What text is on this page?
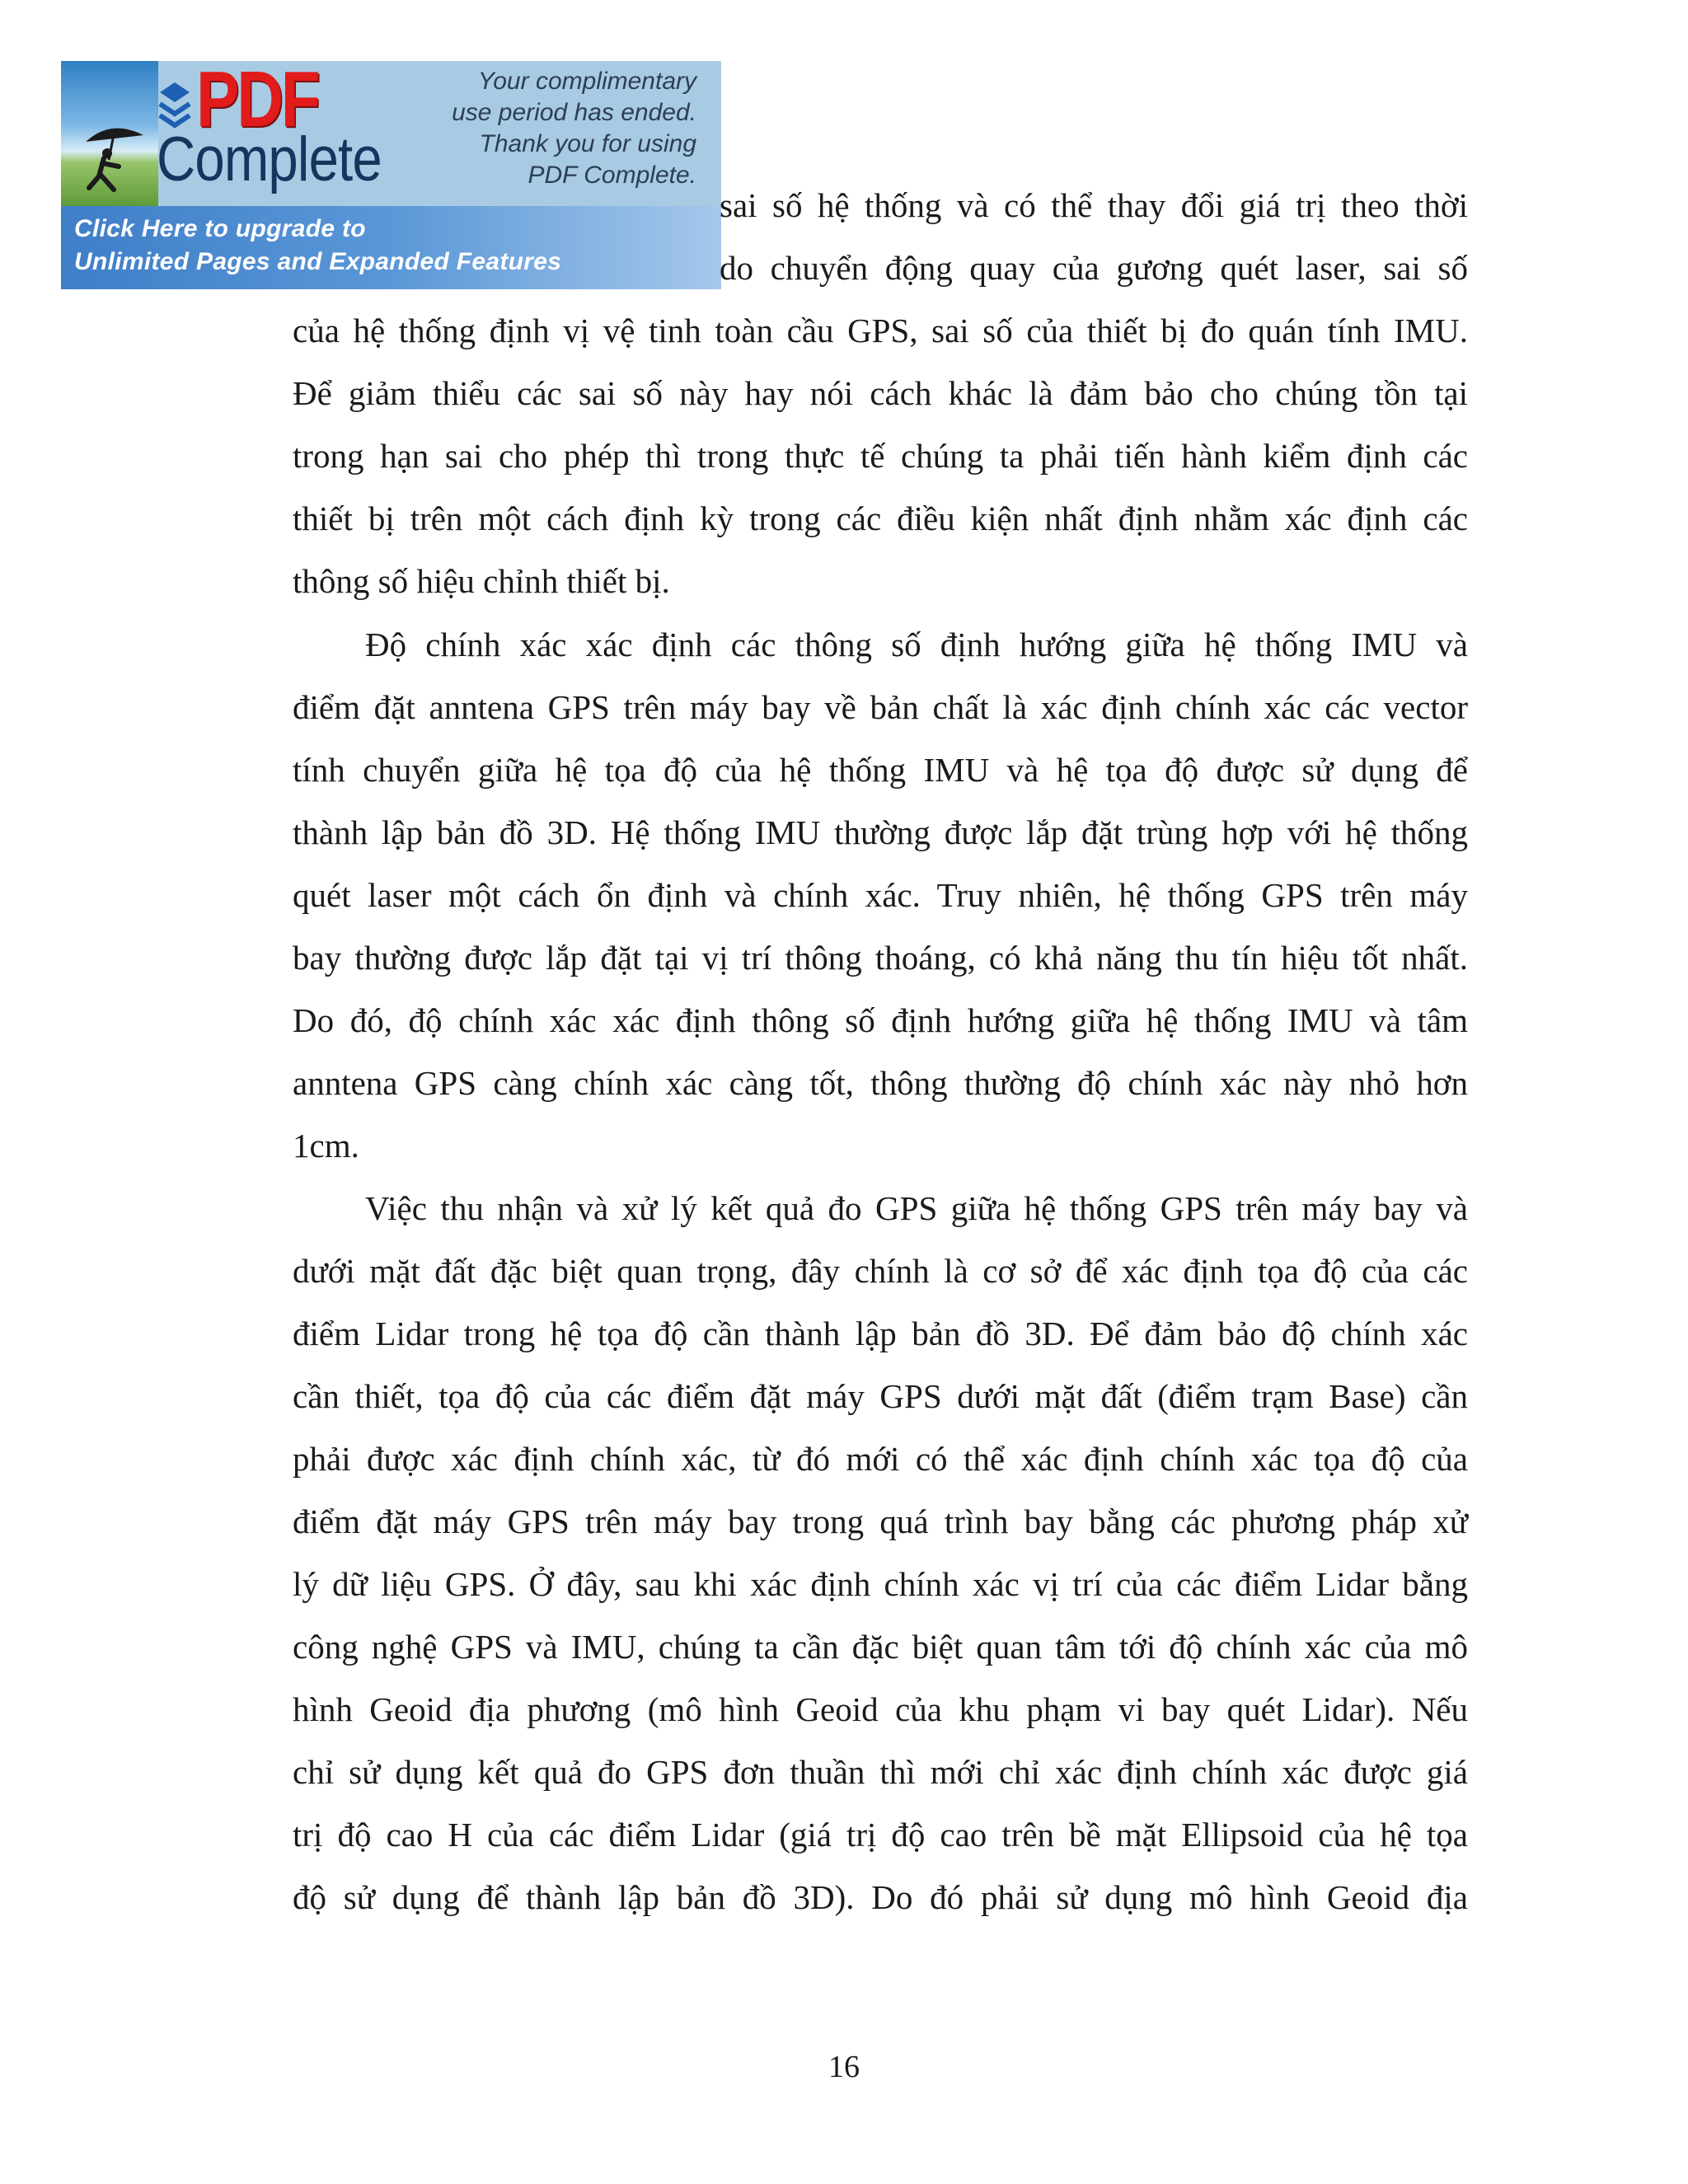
PDF
Complete
Your complimentary
use period has ended.
Thank you for using
PDF Complete.
Click Here to upgrade to
Unlimited Pages and Expanded Features
sai số hệ thống và có thể thay đổi giá trị theo thời
do chuyển động quay của gương quét laser, sai số
của hệ thống định vị vệ tinh toàn cầu GPS, sai số của thiết bị đo quán tính IMU.
Để giảm thiểu các sai số này hay nói cách khác là đảm bảo cho chúng tồn tại
trong hạn sai cho phép thì trong thực tế chúng ta phải tiến hành kiểm định các
thiết bị trên một cách định kỳ trong các điều kiện nhất định nhằm xác định các
thông số hiệu chỉnh thiết bị.
Độ chính xác xác định các thông số định hướng giữa hệ thống IMU và
điểm đặt anntena GPS trên máy bay về bản chất là xác định chính xác các vector
tính chuyển giữa hệ tọa độ của hệ thống IMU và hệ tọa độ được sử dụng để
thành lập bản đồ 3D. Hệ thống IMU thường được lắp đặt trùng hợp với hệ thống
quét laser một cách ổn định và chính xác. Truy nhiên, hệ thống GPS trên máy
bay thường được lắp đặt tại vị trí thông thoáng, có khả năng thu tín hiệu tốt nhất.
Do đó, độ chính xác xác định thông số định hướng giữa hệ thống IMU và tâm
anntena GPS càng chính xác càng tốt, thông thường độ chính xác này nhỏ hơn
1cm.
Việc thu nhận và xử lý kết quả đo GPS giữa hệ thống GPS trên máy bay và
dưới mặt đất đặc biệt quan trọng, đây chính là cơ sở để xác định tọa độ của các
điểm Lidar trong hệ tọa độ cần thành lập bản đồ 3D. Để đảm bảo độ chính xác
cần thiết, tọa độ của các điểm đặt máy GPS dưới mặt đất (điểm trạm Base) cần
phải được xác định chính xác, từ đó mới có thể xác định chính xác tọa độ của
điểm đặt máy GPS trên máy bay trong quá trình bay bằng các phương pháp xử
lý dữ liệu GPS. Ở đây, sau khi xác định chính xác vị trí của các điểm Lidar bằng
công nghệ GPS và IMU, chúng ta cần đặc biệt quan tâm tới độ chính xác của mô
hình Geoid địa phương (mô hình Geoid của khu phạm vi bay quét Lidar). Nếu
chỉ sử dụng kết quả đo GPS đơn thuần thì mới chỉ xác định chính xác được giá
trị độ cao H của các điểm Lidar (giá trị độ cao trên bề mặt Ellipsoid của hệ tọa
độ sử dụng để thành lập bản đồ 3D). Do đó phải sử dụng mô hình Geoid địa
16
